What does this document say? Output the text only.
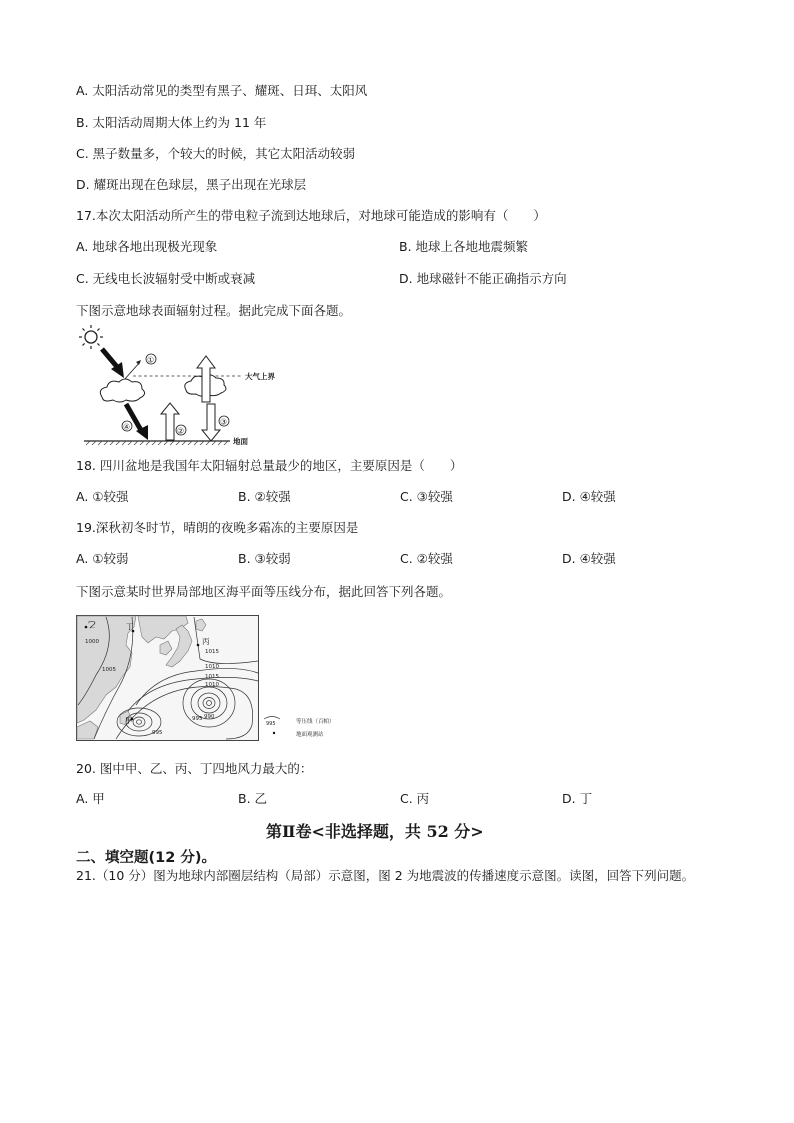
A. 太阳活动常见的类型有黑子、耀斑、日珥、太阳风
B. 太阳活动周期大体上约为 11 年
C. 黑子数量多，个较大的时候，其它太阳活动较弱
D. 耀斑出现在色球层，黑子出现在光球层
17.本次太阳活动所产生的带电粒子流到达地球后，对地球可能造成的影响有（　　）
A. 地球各地出现极光现象	B. 地球上各地地震频繁
C. 无线电长波辐射受中断或衰减	D. 地球磁针不能正确指示方向
下图示意地球表面辐射过程。据此完成下面各题。
大气上界
①
④	②
③
地面
18. 四川盆地是我国年太阳辐射总量最少的地区，主要原因是（　　）
A. ①较强	B. ②较强	C. ③较强	D. ④较强
19.深秋初冬时节，晴朗的夜晚多霜冻的主要原因是
A. ①较弱	B. ③较弱	C. ②较强	D. ④较强
下图示意某时世界局部地区海平面等压线分布，据此回答下列各题。
乙	丁
丙
甲
1000
1005
1015
1010
1015
1010
995 990
995
995	等压线（百帕）
地面观测站
20. 图中甲、乙、丙、丁四地风力最大的：
A. 甲	B. 乙	C. 丙	D. 丁
第Ⅱ卷<非选择题，共 52 分>
二、填空题(12 分)。
21.（10 分）图为地球内部圈层结构（局部）示意图，图 2 为地震波的传播速度示意图。读图，回答下列问题。
